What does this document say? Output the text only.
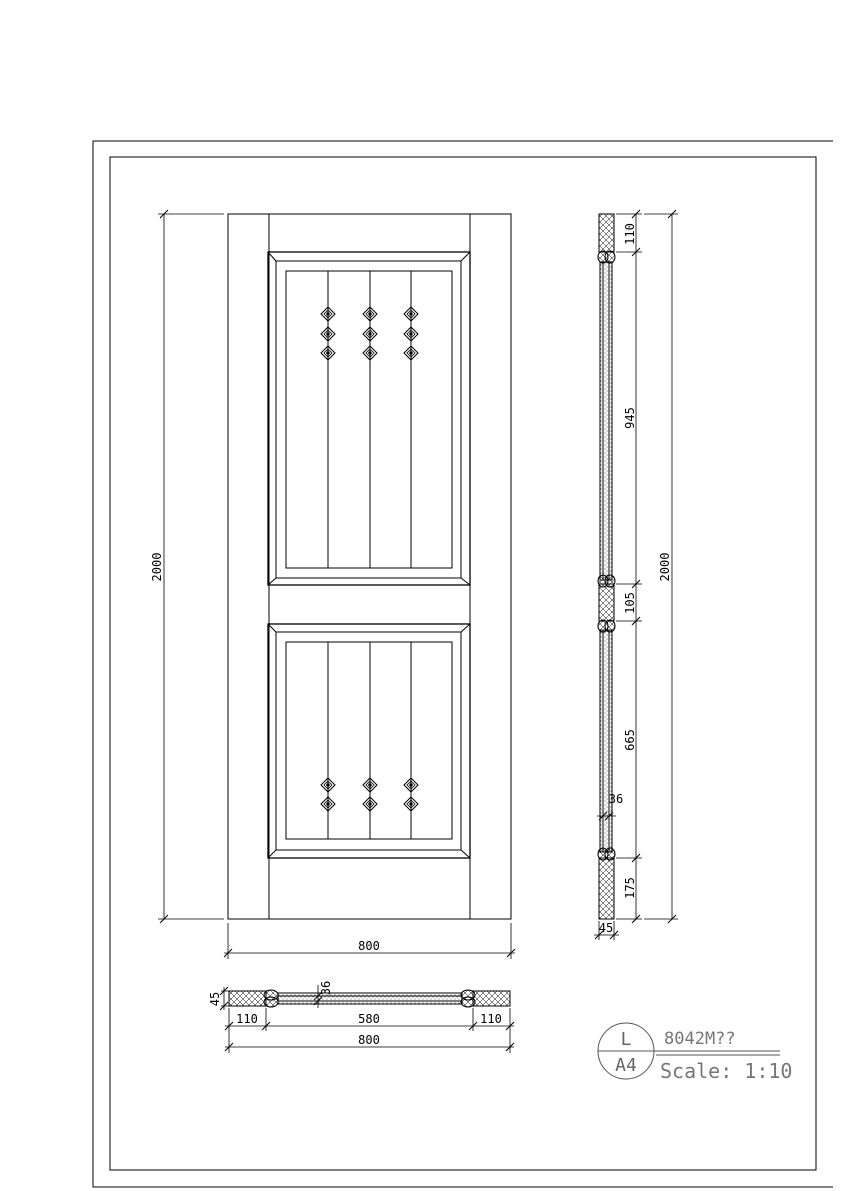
2000
800
110
945
105
665
175
2000
36
45
45
36
110	580	110
800	L
A4
8042M??
Scale: 1:10
